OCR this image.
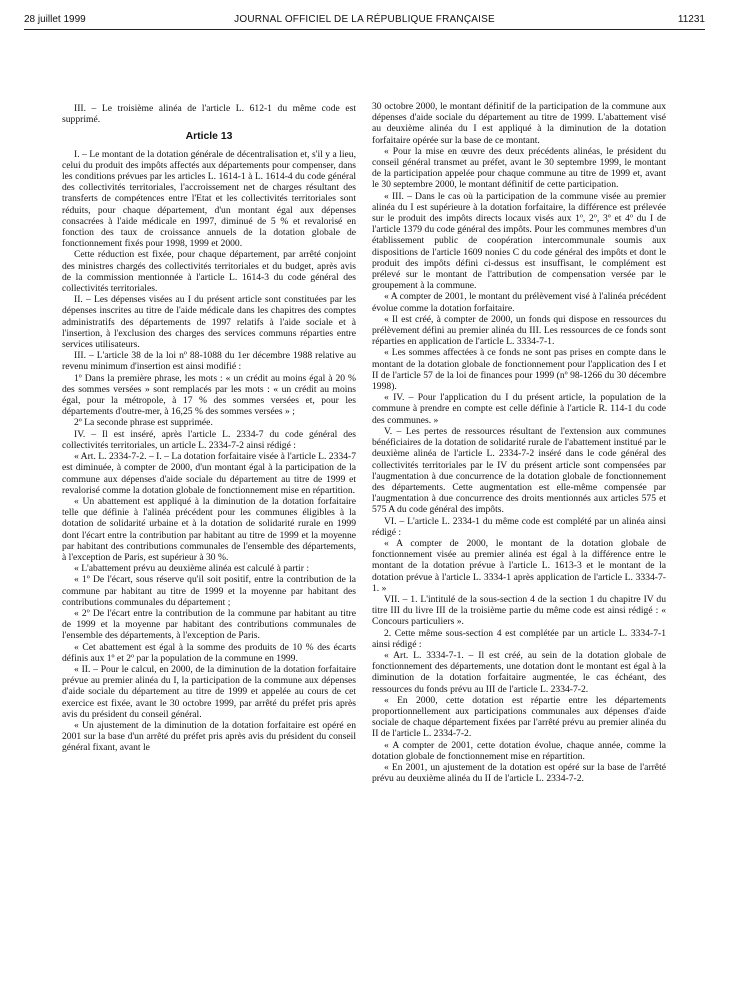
28 juillet 1999	JOURNAL OFFICIEL DE LA RÉPUBLIQUE FRANÇAISE	11231

III. – Le troisième alinéa de l'article L. 612-1 du même code est supprimé.

Article 13

I. – Le montant de la dotation générale de décentralisation et, s'il y a lieu, celui du produit des impôts affectés aux départements pour compenser, dans les conditions prévues par les articles L. 1614-1 à L. 1614-4 du code général des collectivités territoriales, l'accroissement net de charges résultant des transferts de compétences entre l'Etat et les collectivités territoriales sont réduits, pour chaque département, d'un montant égal aux dépenses consacrées à l'aide médicale en 1997, diminué de 5 % et revalorisé en fonction des taux de croissance annuels de la dotation globale de fonctionnement fixés pour 1998, 1999 et 2000.

Cette réduction est fixée, pour chaque département, par arrêté conjoint des ministres chargés des collectivités territoriales et du budget, après avis de la commission mentionnée à l'article L. 1614-3 du code général des collectivités territoriales.

II. – Les dépenses visées au I du présent article sont constituées par les dépenses inscrites au titre de l'aide médicale dans les chapitres des comptes administratifs des départements de 1997 relatifs à l'aide sociale et à l'insertion, à l'exclusion des charges des services communs réparties entre services utilisateurs.

III. – L'article 38 de la loi nº 88-1088 du 1er décembre 1988 relative au revenu minimum d'insertion est ainsi modifié :

1º Dans la première phrase, les mots : « un crédit au moins égal à 20 % des sommes versées » sont remplacés par les mots : « un crédit au moins égal, pour la métropole, à 17 % des sommes versées et, pour les départements d'outre-mer, à 16,25 % des sommes versées » ;

2º La seconde phrase est supprimée.

IV. – Il est inséré, après l'article L. 2334-7 du code général des collectivités territoriales, un article L. 2334-7-2 ainsi rédigé :

« Art. L. 2334-7-2. – I. – La dotation forfaitaire visée à l'article L. 2334-7 est diminuée, à compter de 2000, d'un montant égal à la participation de la commune aux dépenses d'aide sociale du département au titre de 1999 et revalorisé comme la dotation globale de fonctionnement mise en répartition.

« Un abattement est appliqué à la diminution de la dotation forfaitaire telle que définie à l'alinéa précédent pour les communes éligibles à la dotation de solidarité urbaine et à la dotation de solidarité rurale en 1999 dont l'écart entre la contribution par habitant au titre de 1999 et la moyenne par habitant des contributions communales de l'ensemble des départements, à l'exception de Paris, est supérieur à 30 %.

« L'abattement prévu au deuxième alinéa est calculé à partir :

« 1º De l'écart, sous réserve qu'il soit positif, entre la contribution de la commune par habitant au titre de 1999 et la moyenne par habitant des contributions communales du département ;

« 2º De l'écart entre la contribution de la commune par habitant au titre de 1999 et la moyenne par habitant des contributions communales de l'ensemble des départements, à l'exception de Paris.

« Cet abattement est égal à la somme des produits de 10 % des écarts définis aux 1º et 2º par la population de la commune en 1999.

« II. – Pour le calcul, en 2000, de la diminution de la dotation forfaitaire prévue au premier alinéa du I, la participation de la commune aux dépenses d'aide sociale du département au titre de 1999 et appelée au cours de cet exercice est fixée, avant le 30 octobre 1999, par arrêté du préfet pris après avis du président du conseil général.

« Un ajustement de la diminution de la dotation forfaitaire est opéré en 2001 sur la base d'un arrêté du préfet pris après avis du président du conseil général fixant, avant le

30 octobre 2000, le montant définitif de la participation de la commune aux dépenses d'aide sociale du département au titre de 1999. L'abattement visé au deuxième alinéa du I est appliqué à la diminution de la dotation forfaitaire opérée sur la base de ce montant.

« Pour la mise en œuvre des deux précédents alinéas, le président du conseil général transmet au préfet, avant le 30 septembre 1999, le montant de la participation appelée pour chaque commune au titre de 1999 et, avant le 30 septembre 2000, le montant définitif de cette participation.

« III. – Dans le cas où la participation de la commune visée au premier alinéa du I est supérieure à la dotation forfaitaire, la différence est prélevée sur le produit des impôts directs locaux visés aux 1º, 2º, 3º et 4º du I de l'article 1379 du code général des impôts. Pour les communes membres d'un établissement public de coopération intercommunale soumis aux dispositions de l'article 1609 nonies C du code général des impôts et dont le produit des impôts défini ci-dessus est insuffisant, le complément est prélevé sur le montant de l'attribution de compensation versée par le groupement à la commune.

« A compter de 2001, le montant du prélèvement visé à l'alinéa précédent évolue comme la dotation forfaitaire.

« Il est créé, à compter de 2000, un fonds qui dispose en ressources du prélèvement défini au premier alinéa du III. Les ressources de ce fonds sont réparties en application de l'article L. 3334-7-1.

« Les sommes affectées à ce fonds ne sont pas prises en compte dans le montant de la dotation globale de fonctionnement pour l'application des I et II de l'article 57 de la loi de finances pour 1999 (nº 98-1266 du 30 décembre 1998).

« IV. – Pour l'application du I du présent article, la population de la commune à prendre en compte est celle définie à l'article R. 114-1 du code des communes. »

V. – Les pertes de ressources résultant de l'extension aux communes bénéficiaires de la dotation de solidarité rurale de l'abattement institué par le deuxième alinéa de l'article L. 2334-7-2 inséré dans le code général des collectivités territoriales par le IV du présent article sont compensées par l'augmentation à due concurrence de la dotation globale de fonctionnement des départements. Cette augmentation est elle-même compensée par l'augmentation à due concurrence des droits mentionnés aux articles 575 et 575 A du code général des impôts.

VI. – L'article L. 2334-1 du même code est complété par un alinéa ainsi rédigé :

« A compter de 2000, le montant de la dotation globale de fonctionnement visée au premier alinéa est égal à la différence entre le montant de la dotation prévue à l'article L. 1613-3 et le montant de la dotation prévue à l'article L. 3334-1 après application de l'article L. 3334-7-1. »

VII. – 1. L'intitulé de la sous-section 4 de la section 1 du chapitre IV du titre III du livre III de la troisième partie du même code est ainsi rédigé : « Concours particuliers ».

2. Cette même sous-section 4 est complétée par un article L. 3334-7-1 ainsi rédigé :

« Art. L. 3334-7-1. – Il est créé, au sein de la dotation globale de fonctionnement des départements, une dotation dont le montant est égal à la diminution de la dotation forfaitaire augmentée, le cas échéant, des ressources du fonds prévu au III de l'article L. 2334-7-2.

« En 2000, cette dotation est répartie entre les départements proportionnellement aux participations communales aux dépenses d'aide sociale de chaque département fixées par l'arrêté prévu au premier alinéa du II de l'article L. 2334-7-2.

« A compter de 2001, cette dotation évolue, chaque année, comme la dotation globale de fonctionnement mise en répartition.

« En 2001, un ajustement de la dotation est opéré sur la base de l'arrêté prévu au deuxième alinéa du II de l'article L. 2334-7-2.
